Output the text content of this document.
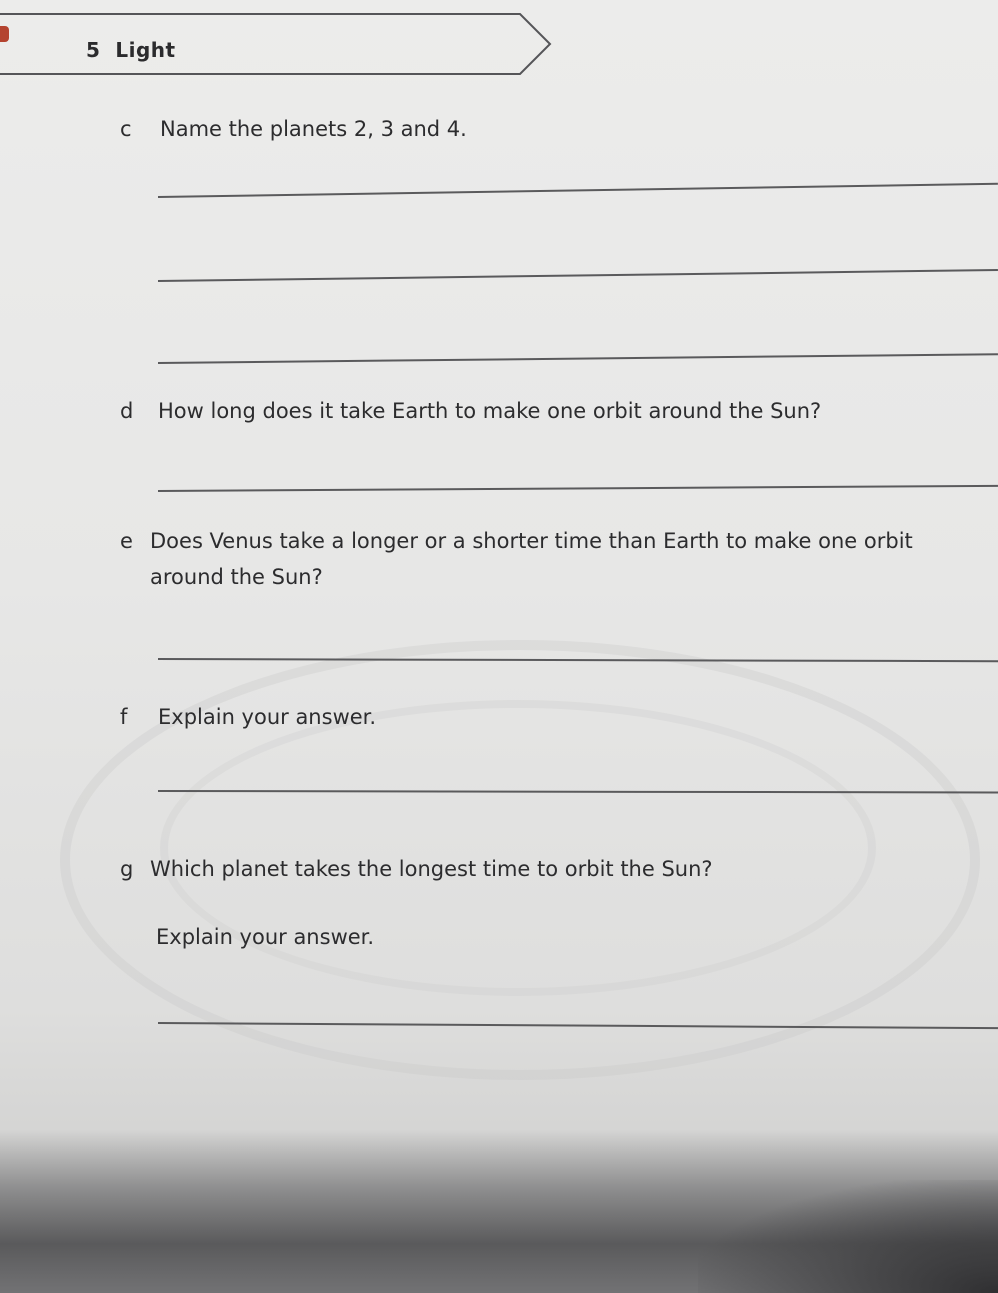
5 Light
c Name the planets 2, 3 and 4.
d How long does it take Earth to make one orbit around the Sun?
e Does Venus take a longer or a shorter time than Earth to make one orbit
around the Sun?
f Explain your answer.
g Which planet takes the longest time to orbit the Sun?
Explain your answer.
